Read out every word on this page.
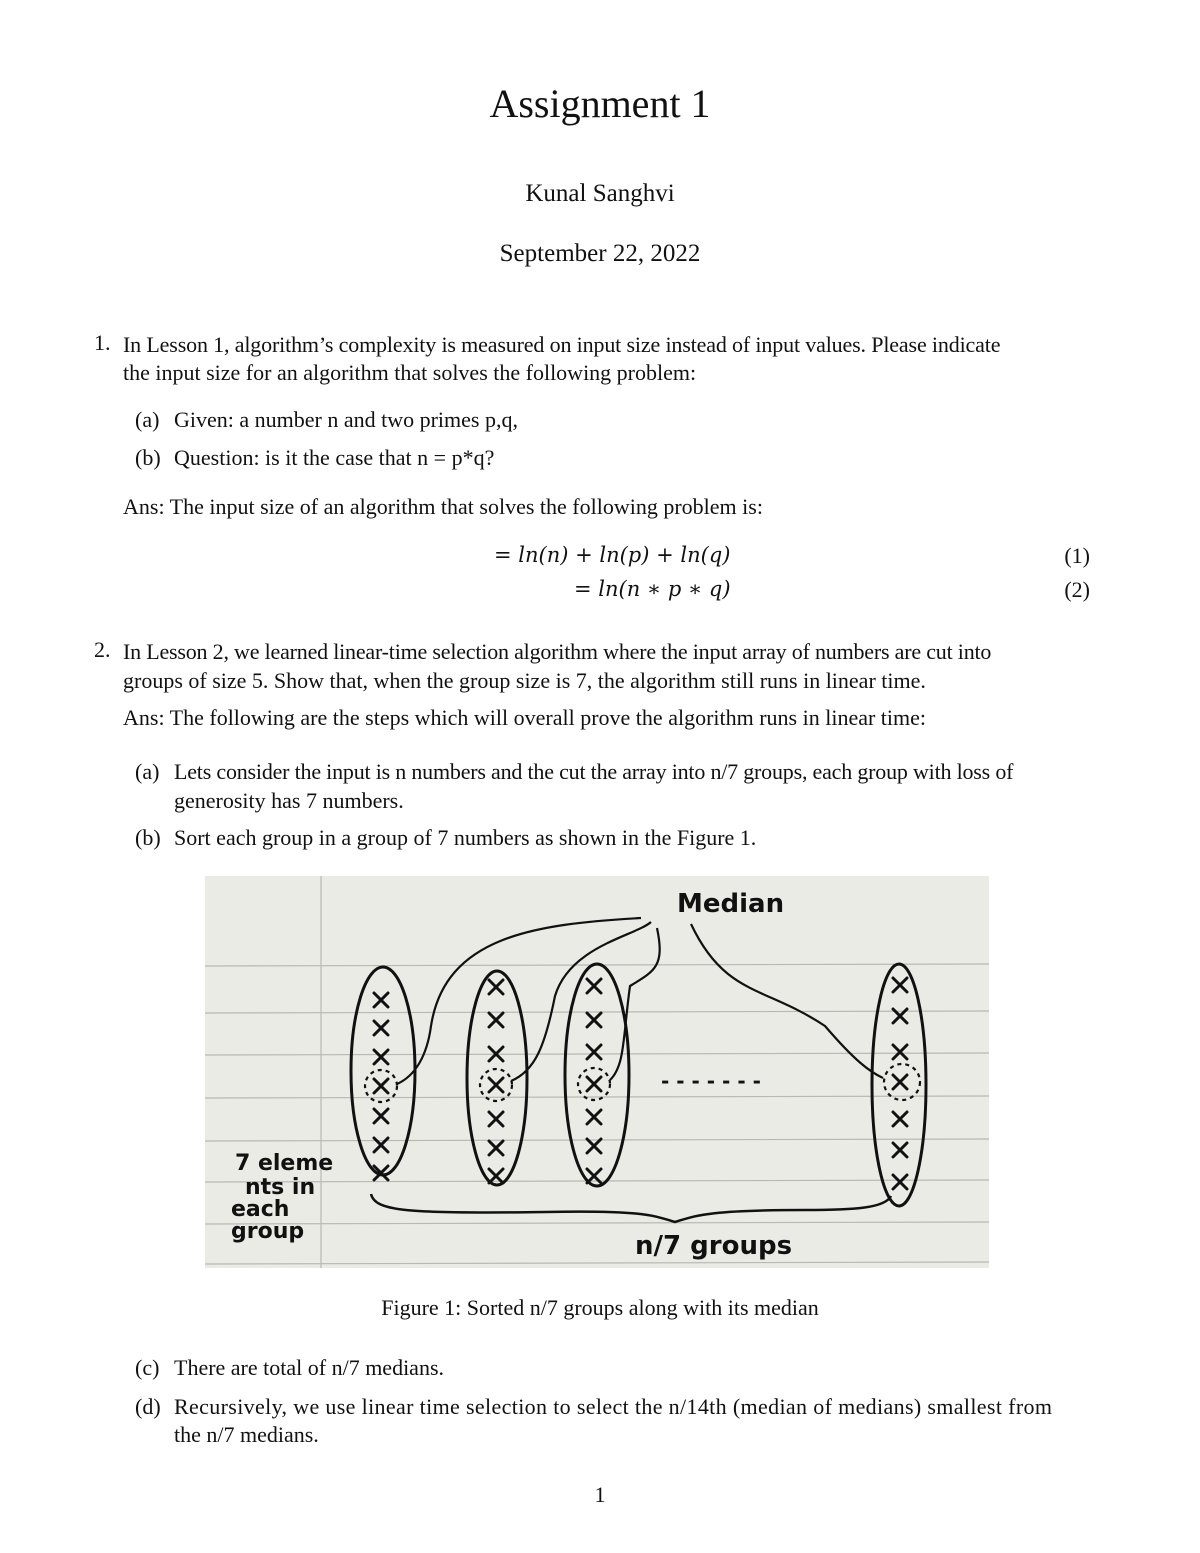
Assignment 1
Kunal Sanghvi
September 22, 2022
1. In Lesson 1, algorithm’s complexity is measured on input size instead of input values. Please indicate
the input size for an algorithm that solves the following problem:
(a) Given: a number n and two primes p,q,
(b) Question: is it the case that n = p*q?
Ans: The input size of an algorithm that solves the following problem is:
= ln(n) + ln(p) + ln(q)	(1)
= ln(n ∗ p ∗ q)	(2)
2. In Lesson 2, we learned linear-time selection algorithm where the input array of numbers are cut into
groups of size 5. Show that, when the group size is 7, the algorithm still runs in linear time.
Ans: The following are the steps which will overall prove the algorithm runs in linear time:
(a) Lets consider the input is n numbers and the cut the array into n/7 groups, each group with loss of
generosity has 7 numbers.
(b) Sort each group in a group of 7 numbers as shown in the Figure 1.
Median
7 eleme
nts in
each
group	n/7 groups
- - - - - - -
Figure 1: Sorted n/7 groups along with its median
(c) There are total of n/7 medians.
(d) Recursively, we use linear time selection to select the n/14th (median of medians) smallest from
the n/7 medians.
1
